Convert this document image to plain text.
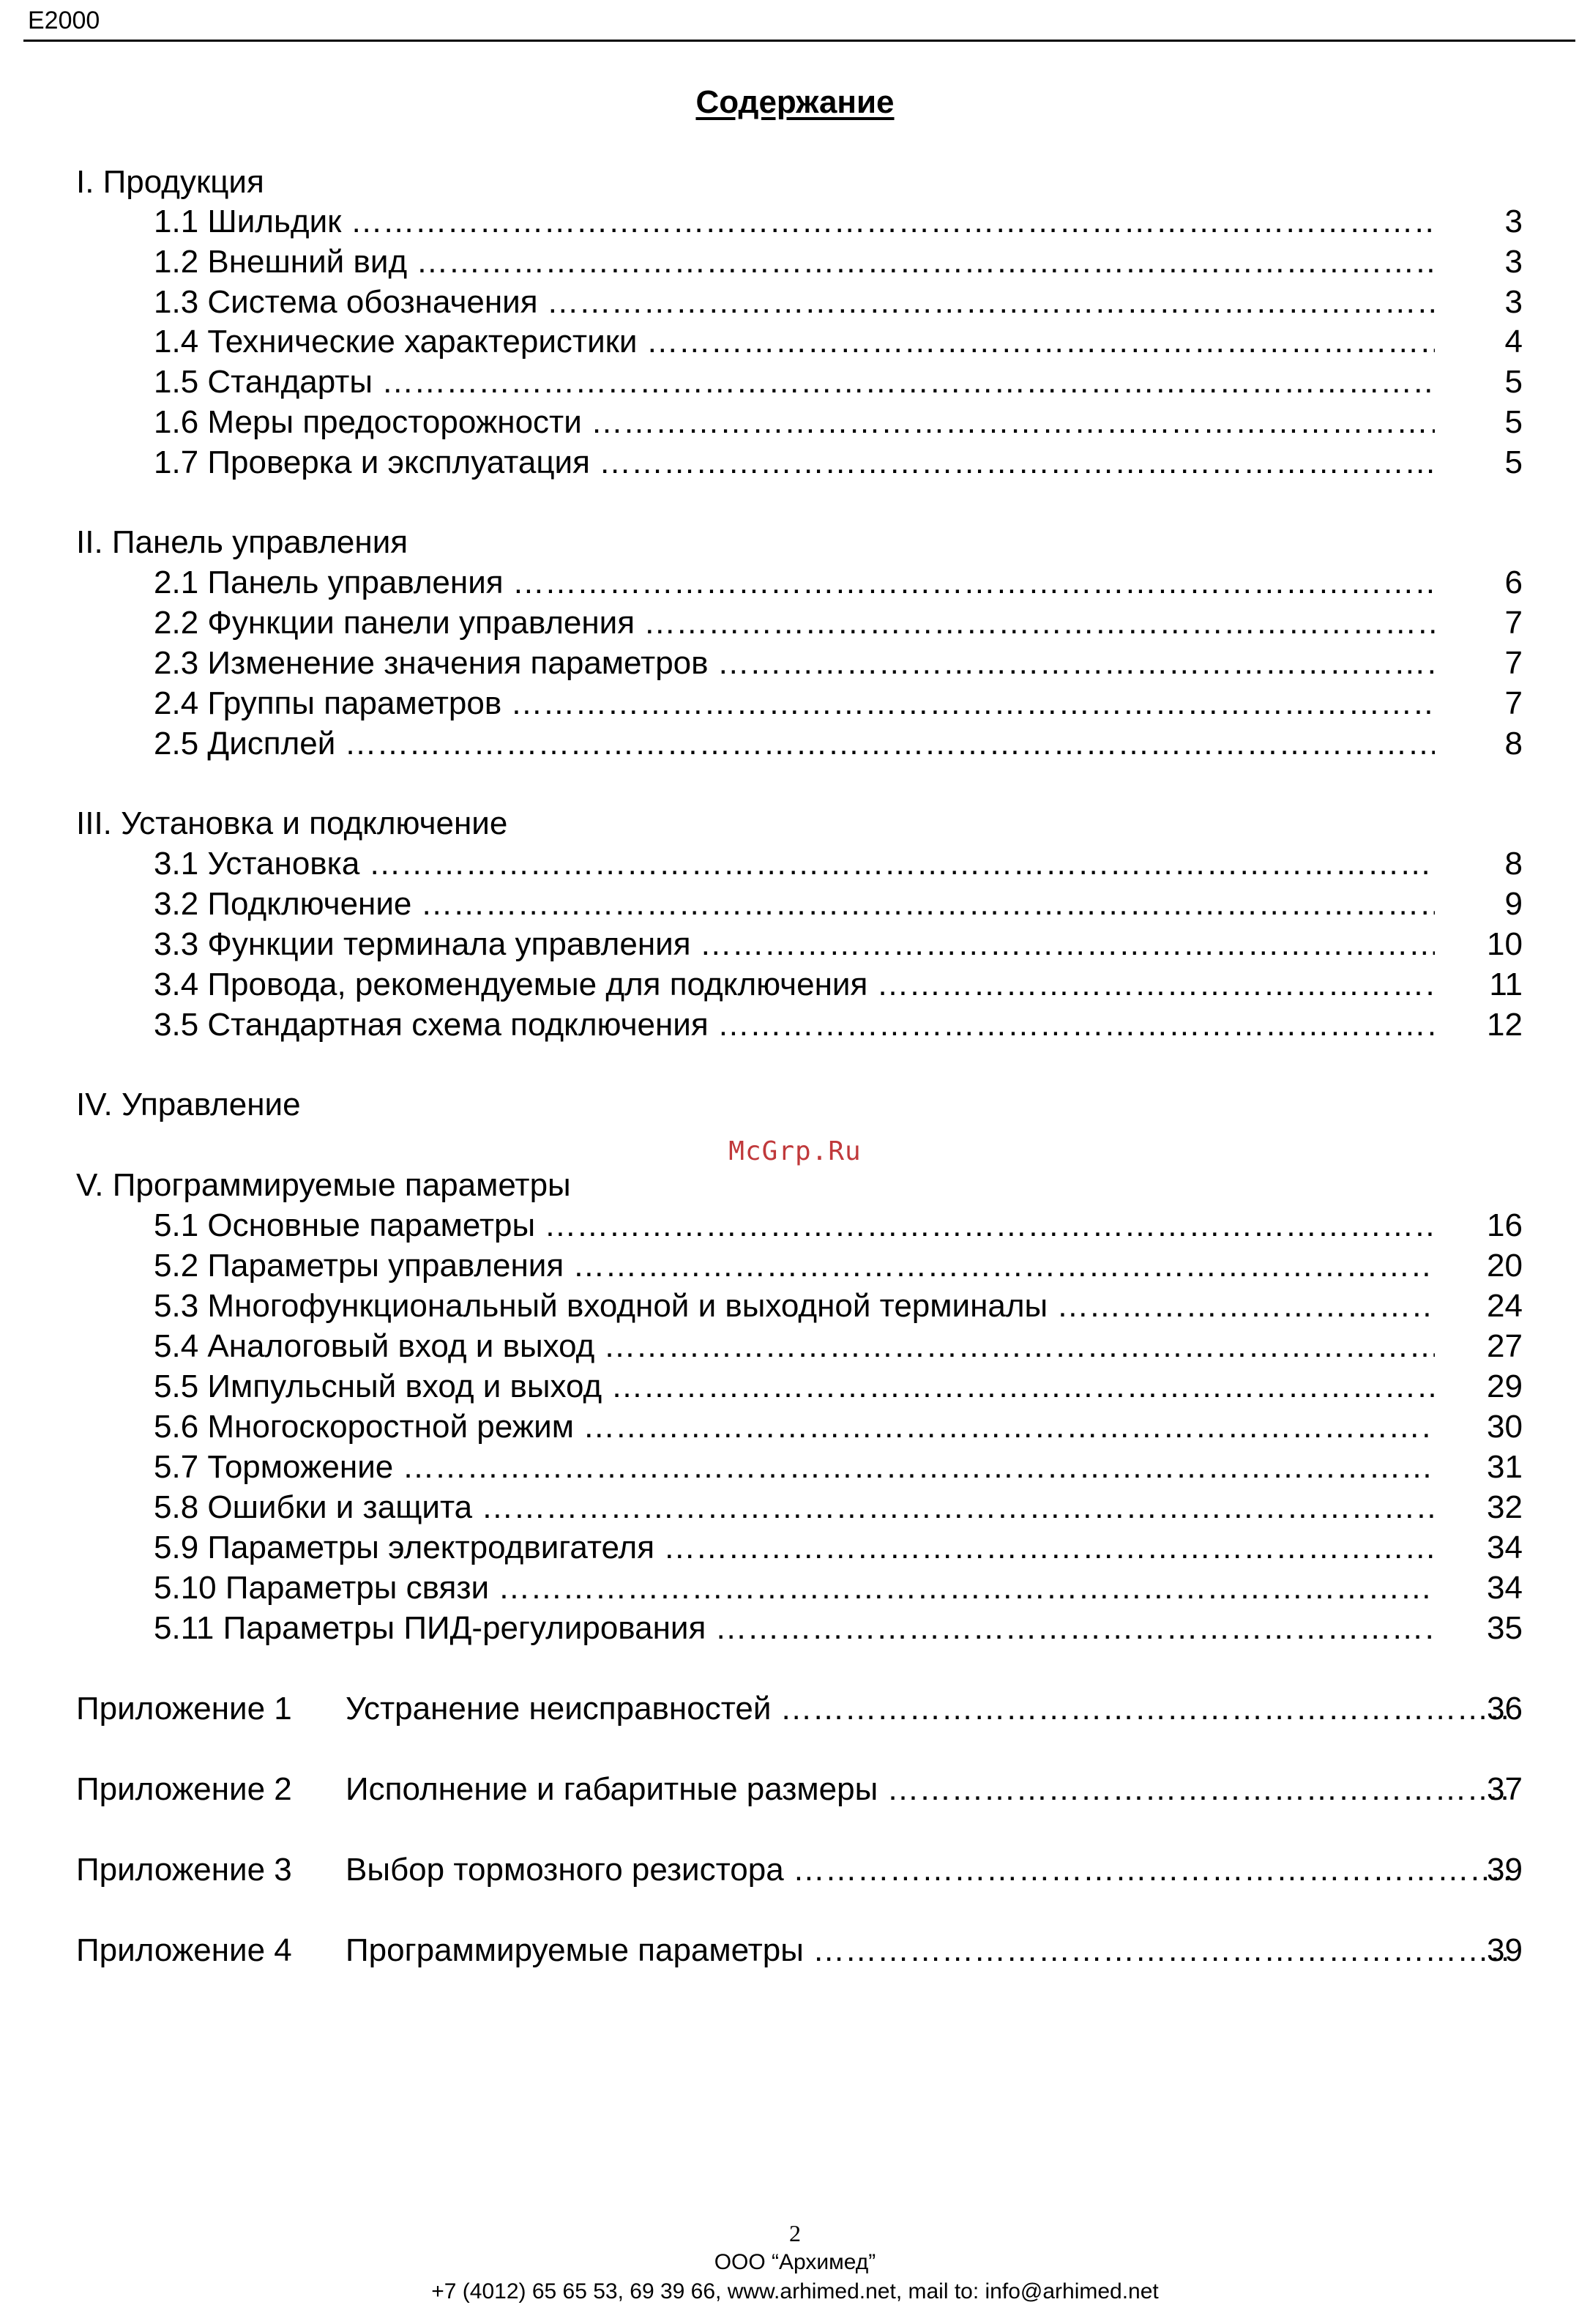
E2000
Содержание
I. Продукция
1.1 Шильдик ……………………………………………………………………………………………………………………………………………………………………………………………………………	3
1.2 Внешний вид ……………………………………………………………………………………………………………………………………………………………………………………………………………	3
1.3 Система обозначения ……………………………………………………………………………………………………………………………………………………………………………………………………………	3
1.4 Технические характеристики ……………………………………………………………………………………………………………………………………………………………………………………………………………	4
1.5 Стандарты ……………………………………………………………………………………………………………………………………………………………………………………………………………	5
1.6 Меры предосторожности ……………………………………………………………………………………………………………………………………………………………………………………………………………	5
1.7 Проверка и эксплуатация ……………………………………………………………………………………………………………………………………………………………………………………………………………	5
II. Панель управления
2.1 Панель управления ……………………………………………………………………………………………………………………………………………………………………………………………………………	6
2.2 Функции панели управления ……………………………………………………………………………………………………………………………………………………………………………………………………………	7
2.3 Изменение значения параметров ……………………………………………………………………………………………………………………………………………………………………………………………………………	7
2.4 Группы параметров ……………………………………………………………………………………………………………………………………………………………………………………………………………	7
2.5 Дисплей ……………………………………………………………………………………………………………………………………………………………………………………………………………	8
III. Установка и подключение
3.1 Установка ……………………………………………………………………………………………………………………………………………………………………………………………………………	8
3.2 Подключение ……………………………………………………………………………………………………………………………………………………………………………………………………………	9
3.3 Функции терминала управления ……………………………………………………………………………………………………………………………………………………………………………………………………………	10
3.4 Провода, рекомендуемые для подключения ……………………………………………………………………………………………………………………………………………………………………………………………………………	11
3.5 Стандартная схема подключения ……………………………………………………………………………………………………………………………………………………………………………………………………………	12
IV. Управление
V. Программируемые параметры
5.1 Основные параметры ……………………………………………………………………………………………………………………………………………………………………………………………………………	16
5.2 Параметры управления ……………………………………………………………………………………………………………………………………………………………………………………………………………	20
5.3 Многофункциональный входной и выходной терминалы ……………………………………………………………………………………………………………………………………………………………………………………………………………	24
5.4 Аналоговый вход и выход ……………………………………………………………………………………………………………………………………………………………………………………………………………	27
5.5 Импульсный вход и выход ……………………………………………………………………………………………………………………………………………………………………………………………………………	29
5.6 Многоскоростной режим ……………………………………………………………………………………………………………………………………………………………………………………………………………	30
5.7 Торможение ……………………………………………………………………………………………………………………………………………………………………………………………………………	31
5.8 Ошибки и защита ……………………………………………………………………………………………………………………………………………………………………………………………………………	32
5.9 Параметры электродвигателя ……………………………………………………………………………………………………………………………………………………………………………………………………………	34
5.10 Параметры связи ……………………………………………………………………………………………………………………………………………………………………………………………………………	34
5.11 Параметры ПИД-регулирования ……………………………………………………………………………………………………………………………………………………………………………………………………………	35
Приложение 1 Устранение неисправностей ……………………………………………………………………………………………………………………………………………………………………………………………………………	36
Приложение 2 Исполнение и габаритные размеры ……………………………………………………………………………………………………………………………………………………………………………………………………………	37
Приложение 3 Выбор тормозного резистора ……………………………………………………………………………………………………………………………………………………………………………………………………………	39
Приложение 4 Программируемые параметры ……………………………………………………………………………………………………………………………………………………………………………………………………………	39
McGrp.Ru
2
ООО “Архимед”
+7 (4012) 65 65 53, 69 39 66, www.arhimed.net, mail to: info@arhimed.net
